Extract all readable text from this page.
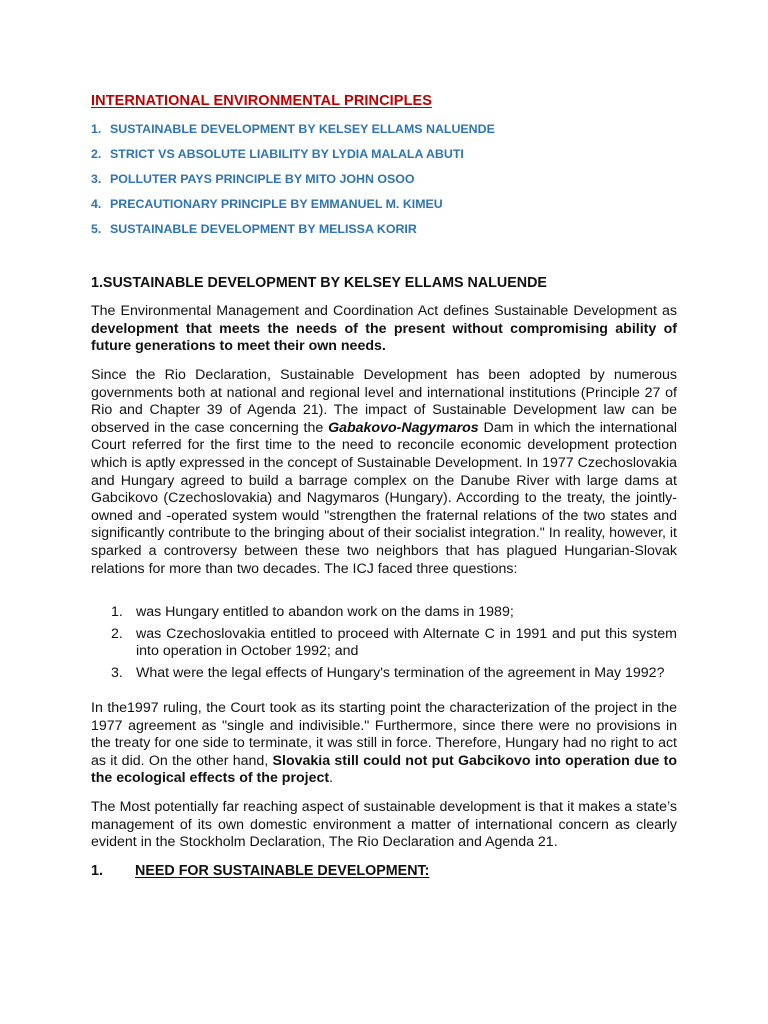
INTERNATIONAL ENVIRONMENTAL PRINCIPLES
1. SUSTAINABLE DEVELOPMENT BY KELSEY ELLAMS NALUENDE
2. STRICT VS ABSOLUTE LIABILITY BY LYDIA MALALA ABUTI
3. POLLUTER PAYS PRINCIPLE BY MITO JOHN OSOO
4. PRECAUTIONARY PRINCIPLE BY EMMANUEL M. KIMEU
5. SUSTAINABLE DEVELOPMENT BY MELISSA KORIR
1.SUSTAINABLE DEVELOPMENT BY KELSEY ELLAMS NALUENDE
The Environmental Management and Coordination Act defines Sustainable Development as development that meets the needs of the present without compromising ability of future generations to meet their own needs.
Since the Rio Declaration, Sustainable Development has been adopted by numerous governments both at national and regional level and international institutions (Principle 27 of Rio and Chapter 39 of Agenda 21). The impact of Sustainable Development law can be observed in the case concerning the Gabakovo-Nagymaros Dam in which the international Court referred for the first time to the need to reconcile economic development protection which is aptly expressed in the concept of Sustainable Development. In 1977 Czechoslovakia and Hungary agreed to build a barrage complex on the Danube River with large dams at Gabcikovo (Czechoslovakia) and Nagymaros (Hungary). According to the treaty, the jointly-owned and -operated system would "strengthen the fraternal relations of the two states and significantly contribute to the bringing about of their socialist integration." In reality, however, it sparked a controversy between these two neighbors that has plagued Hungarian-Slovak relations for more than two decades. The ICJ faced three questions:
1. was Hungary entitled to abandon work on the dams in 1989;
2. was Czechoslovakia entitled to proceed with Alternate C in 1991 and put this system into operation in October 1992; and
3. What were the legal effects of Hungary's termination of the agreement in May 1992?
In the1997 ruling, the Court took as its starting point the characterization of the project in the 1977 agreement as "single and indivisible." Furthermore, since there were no provisions in the treaty for one side to terminate, it was still in force. Therefore, Hungary had no right to act as it did. On the other hand, Slovakia still could not put Gabcikovo into operation due to the ecological effects of the project.
The Most potentially far reaching aspect of sustainable development is that it makes a state’s management of its own domestic environment a matter of international concern as clearly evident in the Stockholm Declaration, The Rio Declaration and Agenda 21.
1. NEED FOR SUSTAINABLE DEVELOPMENT:
